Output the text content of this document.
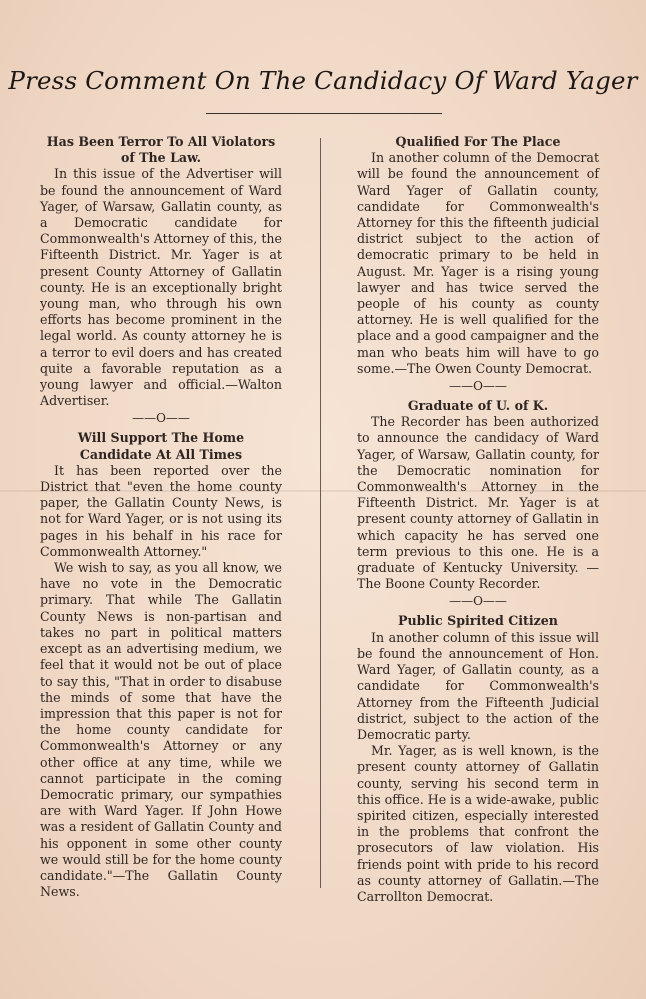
Press Comment On The Candidacy Of Ward Yager

Has Been Terror To All Violators of The Law.

In this issue of the Advertiser will be found the announcement of Ward Yager, of Warsaw, Gallatin county, as a Democratic candidate for Commonwealth's Attorney of this, the Fifteenth District. Mr. Yager is at present County Attorney of Gallatin county. He is an exceptionally bright young man, who through his own efforts has become prominent in the legal world. As county attorney he is a terror to evil doers and has created quite a favorable reputation as a young lawyer and official.—Walton Advertiser.

——O——

Will Support The Home Candidate At All Times

It has been reported over the District that "even the home county paper, the Gallatin County News, is not for Ward Yager, or is not using its pages in his behalf in his race for Commonwealth Attorney."

We wish to say, as you all know, we have no vote in the Democratic primary. That while The Gallatin County News is non-partisan and takes no part in political matters except as an advertising medium, we feel that it would not be out of place to say this, "That in order to disabuse the minds of some that have the impression that this paper is not for the home county candidate for Commonwealth's Attorney or any other office at any time, while we cannot participate in the coming Democratic primary, our sympathies are with Ward Yager. If John Howe was a resident of Gallatin County and his opponent in some other county we would still be for the home county candidate."—The Gallatin County News.

Qualified For The Place

In another column of the Democrat will be found the announcement of Ward Yager of Gallatin county, candidate for Commonwealth's Attorney for this the fifteenth judicial district subject to the action of democratic primary to be held in August. Mr. Yager is a rising young lawyer and has twice served the people of his county as county attorney. He is well qualified for the place and a good campaigner and the man who beats him will have to go some.—The Owen County Democrat.

——O——

Graduate of U. of K.

The Recorder has been authorized to announce the candidacy of Ward Yager, of Warsaw, Gallatin county, for the Democratic nomination for Commonwealth's Attorney in the Fifteenth District. Mr. Yager is at present county attorney of Gallatin in which capacity he has served one term previous to this one. He is a graduate of Kentucky University. —The Boone County Recorder.

——O——

Public Spirited Citizen

In another column of this issue will be found the announcement of Hon. Ward Yager, of Gallatin county, as a candidate for Commonwealth's Attorney from the Fifteenth Judicial district, subject to the action of the Democratic party.

Mr. Yager, as is well known, is the present county attorney of Gallatin county, serving his second term in this office. He is a wide-awake, public spirited citizen, especially interested in the problems that confront the prosecutors of law violation. His friends point with pride to his record as county attorney of Gallatin.—The Carrollton Democrat.
